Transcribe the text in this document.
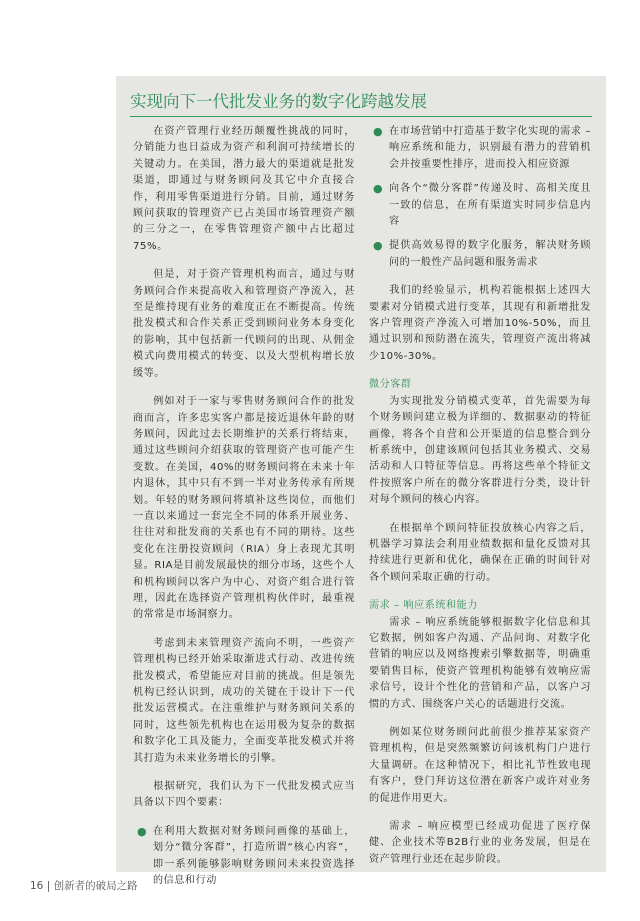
实现向下一代批发业务的数字化跨越发展

在资产管理行业经历颠覆性挑战的同时，分销能力也日益成为资产和利润可持续增长的关键动力。在美国，潜力最大的渠道就是批发渠道，即通过与财务顾问及其它中介直接合作，利用零售渠道进行分销。目前，通过财务顾问获取的管理资产已占美国市场管理资产额的三分之一，在零售管理资产额中占比超过75%。

但是，对于资产管理机构而言，通过与财务顾问合作来提高收入和管理资产净流入，甚至是维持现有业务的难度正在不断提高。传统批发模式和合作关系正受到顾问业务本身变化的影响，其中包括新一代顾问的出现、从佣金模式向费用模式的转变、以及大型机构增长放缓等。

例如对于一家与零售财务顾问合作的批发商而言，许多忠实客户都是接近退休年龄的财务顾问，因此过去长期维护的关系行将结束，通过这些顾问介绍获取的管理资产也可能产生变数。在美国，40%的财务顾问将在未来十年内退休，其中只有不到一半对业务传承有所规划。年轻的财务顾问将填补这些岗位，而他们一直以来通过一套完全不同的体系开展业务、往往对和批发商的关系也有不同的期待。这些变化在注册投资顾问（RIA）身上表现尤其明显。RIA是目前发展最快的细分市场，这些个人和机构顾问以客户为中心、对资产组合进行管理，因此在选择资产管理机构伙伴时，最重视的常常是市场洞察力。

考虑到未来管理资产流向不明，一些资产管理机构已经开始采取渐进式行动、改进传统批发模式，希望能应对目前的挑战。但是领先机构已经认识到，成功的关键在于设计下一代批发运营模式。在注重维护与财务顾问关系的同时，这些领先机构也在运用极为复杂的数据和数字化工具及能力，全面变革批发模式并将其打造为未来业务增长的引擎。

根据研究，我们认为下一代批发模式应当具备以下四个要素：

● 在利用大数据对财务顾问画像的基础上，划分“微分客群”，打造所谓“核心内容”，即一系列能够影响财务顾问未来投资选择的信息和行动
● 在市场营销中打造基于数字化实现的需求 – 响应系统和能力，识别最有潜力的营销机会并按重要性排序，进而投入相应资源
● 向各个“微分客群”传递及时、高相关度且一致的信息，在所有渠道实时同步信息内容
● 提供高效易得的数字化服务，解决财务顾问的一般性产品问题和服务需求

我们的经验显示，机构若能根据上述四大要素对分销模式进行变革，其现有和新增批发客户管理资产净流入可增加10%-50%，而且通过识别和预防潜在流失，管理资产流出将减少10%-30%。

微分客群

为实现批发分销模式变革，首先需要为每个财务顾问建立极为详细的、数据驱动的特征画像，将各个自营和公开渠道的信息整合到分析系统中，创建该顾问包括其业务模式、交易活动和人口特征等信息。再将这些单个特征文件按照客户所在的微分客群进行分类，设计针对每个顾问的核心内容。

在根据单个顾问特征投放核心内容之后，机器学习算法会利用业绩数据和量化反馈对其持续进行更新和优化，确保在正确的时间针对各个顾问采取正确的行动。

需求 – 响应系统和能力

需求 – 响应系统能够根据数字化信息和其它数据，例如客户沟通、产品问询、对数字化营销的响应以及网络搜索引擎数据等，明确重要销售目标，使资产管理机构能够有效响应需求信号，设计个性化的营销和产品，以客户习惯的方式、围绕客户关心的话题进行交流。

例如某位财务顾问此前很少推荐某家资产管理机构，但是突然频繁访问该机构门户进行大量调研。在这种情况下，相比礼节性致电现有客户，登门拜访这位潜在新客户或许对业务的促进作用更大。

需求 – 响应模型已经成功促进了医疗保健、企业技术等B2B行业的业务发展，但是在资产管理行业还在起步阶段。

16 | 创新者的破局之路
